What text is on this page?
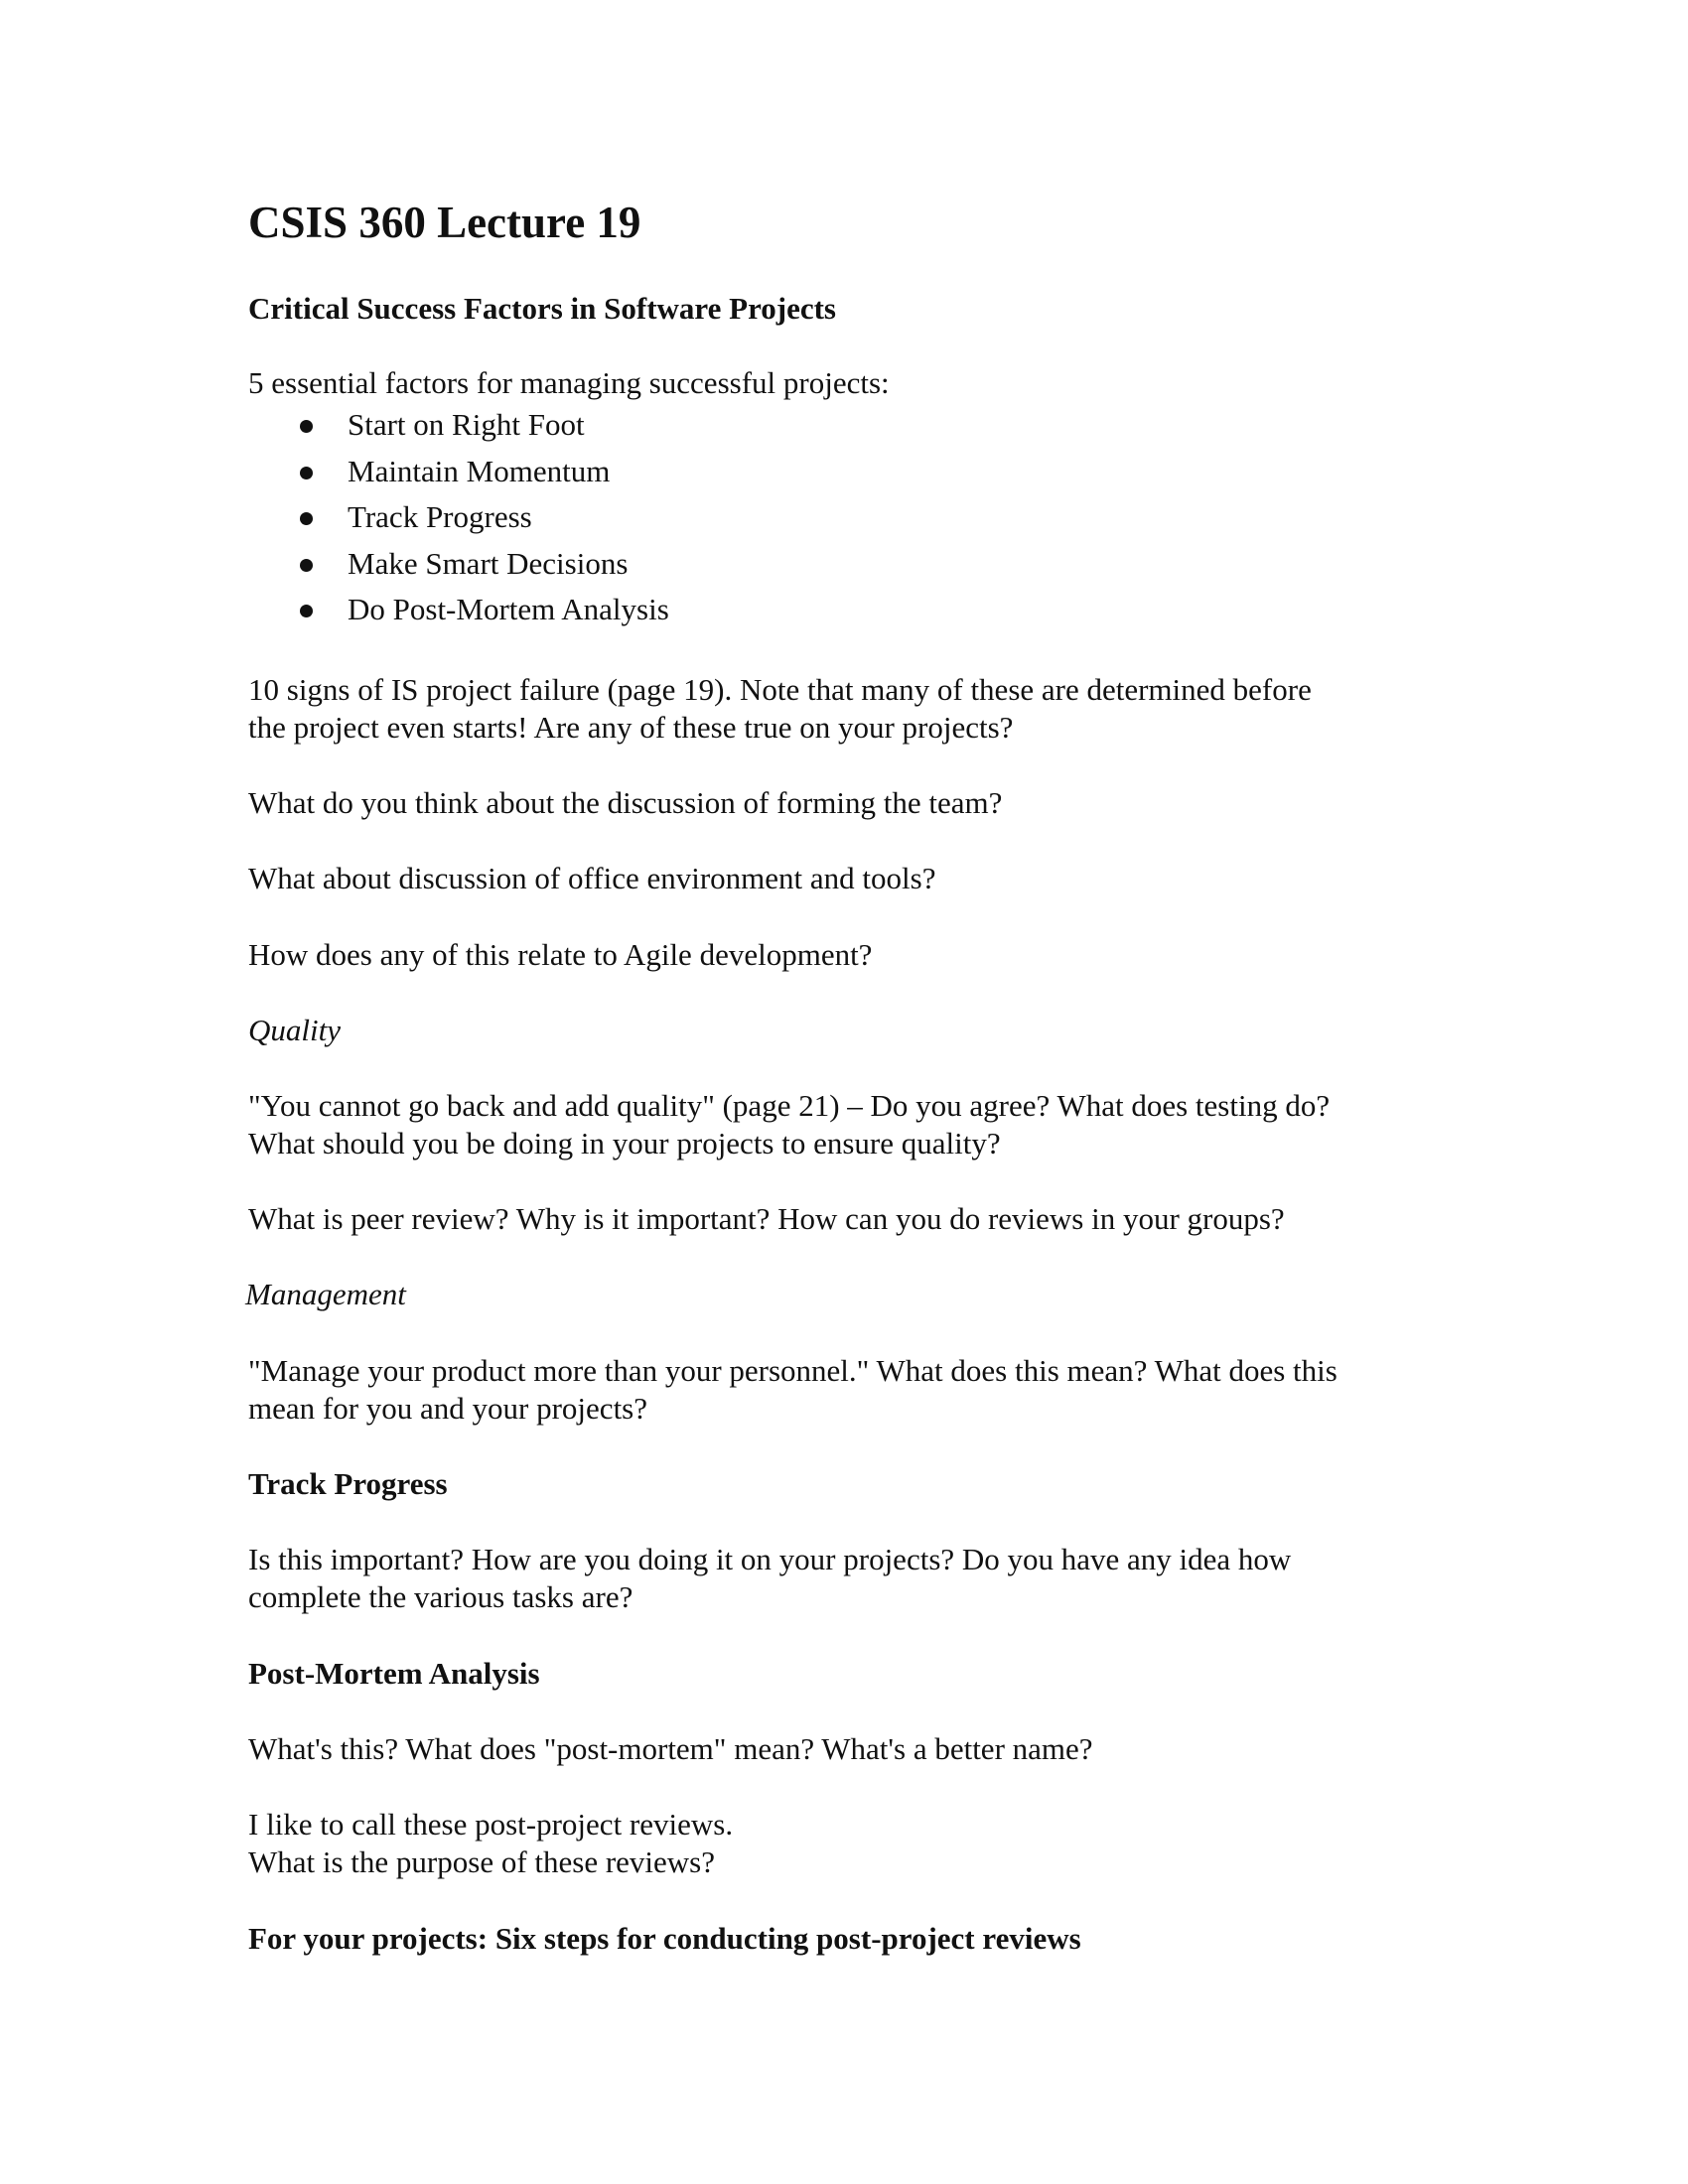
CSIS 360 Lecture 19

Critical Success Factors in Software Projects

5 essential factors for managing successful projects:

Start on Right Foot
Maintain Momentum
Track Progress
Make Smart Decisions
Do Post-Mortem Analysis

10 signs of IS project failure (page 19). Note that many of these are determined before

the project even starts! Are any of these true on your projects?

What do you think about the discussion of forming the team?

What about discussion of office environment and tools?

How does any of this relate to Agile development?

Quality

"You cannot go back and add quality" (page 21) – Do you agree? What does testing do?

What should you be doing in your projects to ensure quality?

What is peer review? Why is it important? How can you do reviews in your groups?

Management

"Manage your product more than your personnel." What does this mean? What does this

mean for you and your projects?

Track Progress

Is this important? How are you doing it on your projects? Do you have any idea how

complete the various tasks are?

Post-Mortem Analysis

What's this? What does "post-mortem" mean? What's a better name?

I like to call these post-project reviews.

What is the purpose of these reviews?

For your projects: Six steps for conducting post-project reviews
